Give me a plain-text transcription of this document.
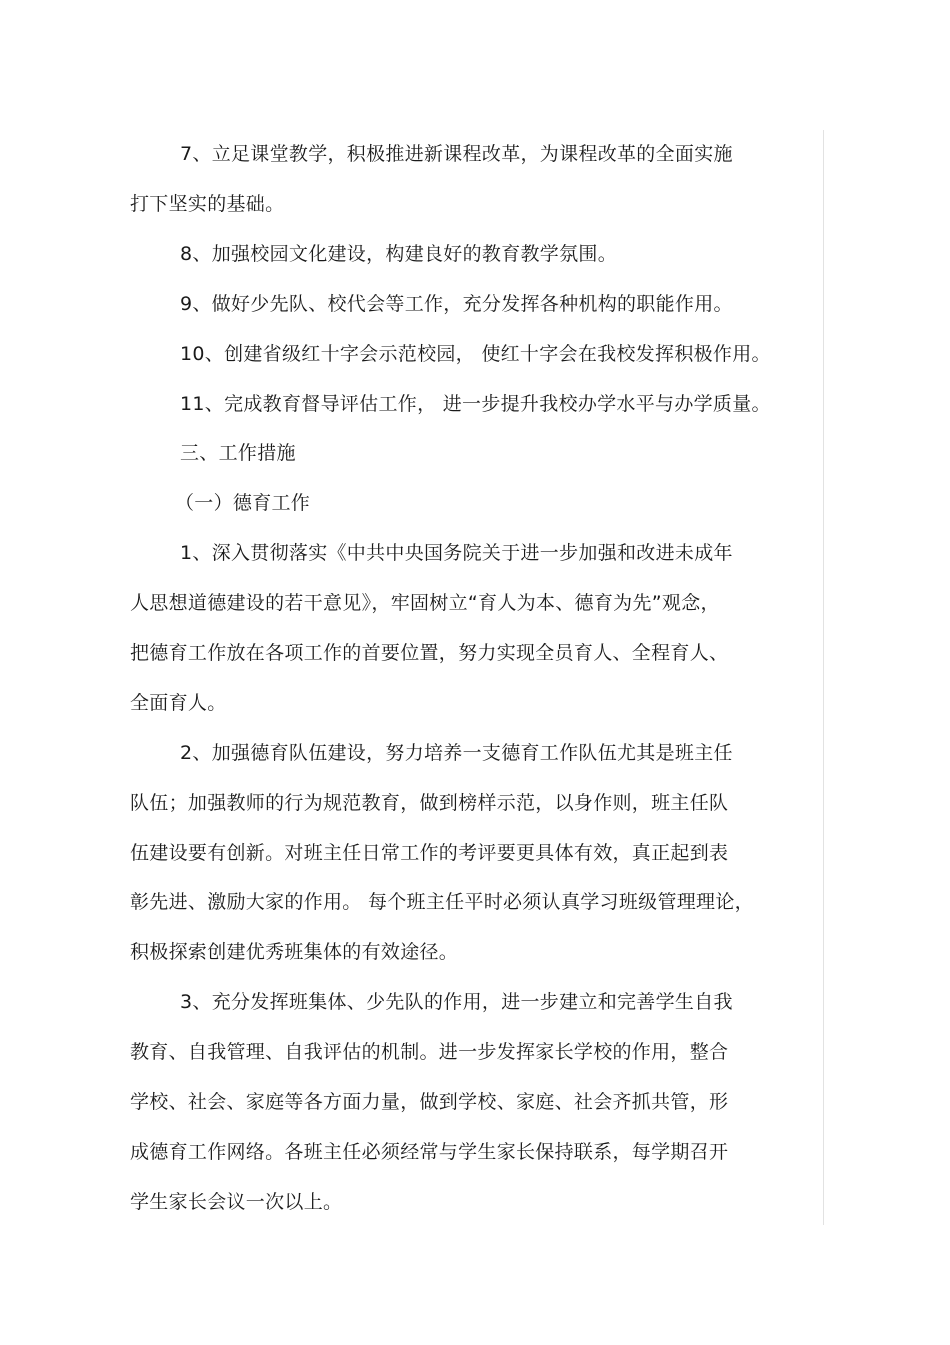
7、立足课堂教学，积极推进新课程改革，为课程改革的全面实施
打下坚实的基础。
8、加强校园文化建设，构建良好的教育教学氛围。
9、做好少先队、校代会等工作，充分发挥各种机构的职能作用。
10、创建省级红十字会示范校园， 使红十字会在我校发挥积极作用。
11、完成教育督导评估工作， 进一步提升我校办学水平与办学质量。
三、工作措施
（一）德育工作
1、深入贯彻落实《中共中央国务院关于进一步加强和改进未成年
人思想道德建设的若干意见》，牢固树立“育人为本、德育为先”观念，
把德育工作放在各项工作的首要位置，努力实现全员育人、全程育人、
全面育人。
2、加强德育队伍建设，努力培养一支德育工作队伍尤其是班主任
队伍；加强教师的行为规范教育，做到榜样示范，以身作则，班主任队
伍建设要有创新。对班主任日常工作的考评要更具体有效，真正起到表
彰先进、激励大家的作用。 每个班主任平时必须认真学习班级管理理论，
积极探索创建优秀班集体的有效途径。
3、充分发挥班集体、少先队的作用，进一步建立和完善学生自我
教育、自我管理、自我评估的机制。进一步发挥家长学校的作用，整合
学校、社会、家庭等各方面力量，做到学校、家庭、社会齐抓共管，形
成德育工作网络。各班主任必须经常与学生家长保持联系，每学期召开
学生家长会议一次以上。
